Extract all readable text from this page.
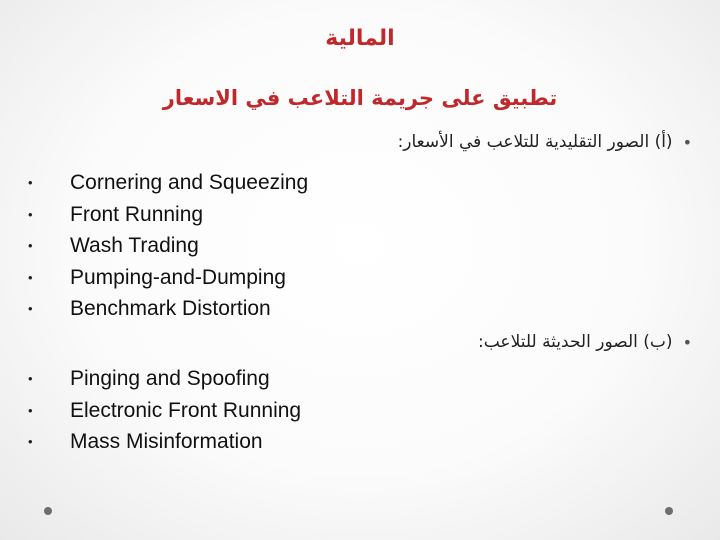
المالية
تطبيق على جريمة التلاعب في الاسعار
•
(أ) الصور التقليدية للتلاعب في الأسعار:
•	Cornering and Squeezing
•	Front Running
•	Wash Trading
•	Pumping-and-Dumping
•	Benchmark Distortion
•
(ب) الصور الحديثة للتلاعب:
•	Pinging and Spoofing
•	Electronic Front Running
•	Mass Misinformation
